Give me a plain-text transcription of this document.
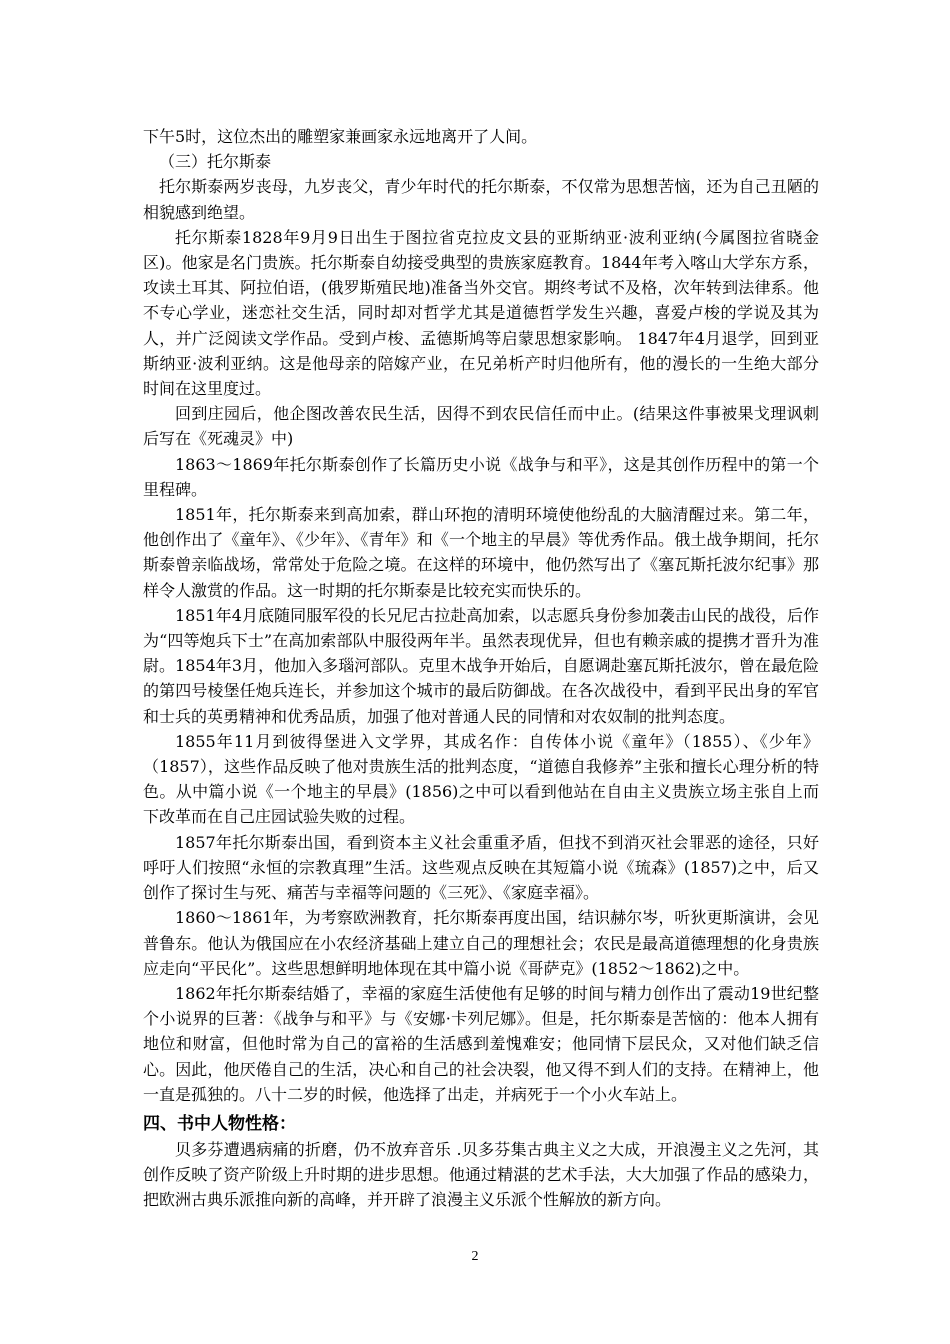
下午5时，这位杰出的雕塑家兼画家永远地离开了人间。

（三）托尔斯泰

托尔斯泰两岁丧母，九岁丧父，青少年时代的托尔斯泰，不仅常为思想苦恼，还为自己丑陋的相貌感到绝望。

托尔斯泰1828年9月9日出生于图拉省克拉皮文县的亚斯纳亚·波利亚纳(今属图拉省晓金区)。他家是名门贵族。托尔斯泰自幼接受典型的贵族家庭教育。1844年考入喀山大学东方系，攻读土耳其、阿拉伯语，(俄罗斯殖民地)准备当外交官。期终考试不及格，次年转到法律系。他不专心学业，迷恋社交生活，同时却对哲学尤其是道德哲学发生兴趣，喜爱卢梭的学说及其为人，并广泛阅读文学作品。受到卢梭、孟德斯鸠等启蒙思想家影响。 1847年4月退学，回到亚斯纳亚·波利亚纳。这是他母亲的陪嫁产业，在兄弟析产时归他所有，他的漫长的一生绝大部分时间在这里度过。

回到庄园后，他企图改善农民生活，因得不到农民信任而中止。(结果这件事被果戈理讽刺后写在《死魂灵》中)

1863～1869年托尔斯泰创作了长篇历史小说《战争与和平》，这是其创作历程中的第一个里程碑。

1851年，托尔斯泰来到高加索，群山环抱的清明环境使他纷乱的大脑清醒过来。第二年，他创作出了《童年》、《少年》、《青年》和《一个地主的早晨》等优秀作品。俄土战争期间，托尔斯泰曾亲临战场，常常处于危险之境。在这样的环境中，他仍然写出了《塞瓦斯托波尔纪事》那样令人激赏的作品。这一时期的托尔斯泰是比较充实而快乐的。

1851年4月底随同服军役的长兄尼古拉赴高加索，以志愿兵身份参加袭击山民的战役，后作为“四等炮兵下士”在高加索部队中服役两年半。虽然表现优异，但也有赖亲戚的提携才晋升为准尉。1854年3月，他加入多瑙河部队。克里木战争开始后，自愿调赴塞瓦斯托波尔，曾在最危险的第四号棱堡任炮兵连长，并参加这个城市的最后防御战。在各次战役中，看到平民出身的军官和士兵的英勇精神和优秀品质，加强了他对普通人民的同情和对农奴制的批判态度。

1855年11月到彼得堡进入文学界，其成名作：自传体小说《童年》（1855）、《少年》（1857），这些作品反映了他对贵族生活的批判态度，“道德自我修养”主张和擅长心理分析的特色。从中篇小说《一个地主的早晨》(1856)之中可以看到他站在自由主义贵族立场主张自上而下改革而在自己庄园试验失败的过程。

1857年托尔斯泰出国，看到资本主义社会重重矛盾，但找不到消灭社会罪恶的途径，只好呼吁人们按照“永恒的宗教真理”生活。这些观点反映在其短篇小说《琉森》(1857)之中，后又创作了探讨生与死、痛苦与幸福等问题的《三死》、《家庭幸福》。

1860～1861年，为考察欧洲教育，托尔斯泰再度出国，结识赫尔岑，听狄更斯演讲，会见普鲁东。他认为俄国应在小农经济基础上建立自己的理想社会；农民是最高道德理想的化身贵族应走向“平民化”。这些思想鲜明地体现在其中篇小说《哥萨克》(1852～1862)之中。

1862年托尔斯泰结婚了，幸福的家庭生活使他有足够的时间与精力创作出了震动19世纪整个小说界的巨著：《战争与和平》与《安娜·卡列尼娜》。但是，托尔斯泰是苦恼的：他本人拥有地位和财富，但他时常为自己的富裕的生活感到羞愧难安；他同情下层民众，又对他们缺乏信心。因此，他厌倦自己的生活，决心和自己的社会决裂，他又得不到人们的支持。在精神上，他一直是孤独的。八十二岁的时候，他选择了出走，并病死于一个小火车站上。

四、书中人物性格：

贝多芬遭遇病痛的折磨，仍不放弃音乐 .贝多芬集古典主义之大成，开浪漫主义之先河，其创作反映了资产阶级上升时期的进步思想。他通过精湛的艺术手法，大大加强了作品的感染力，把欧洲古典乐派推向新的高峰，并开辟了浪漫主义乐派个性解放的新方向。

2
